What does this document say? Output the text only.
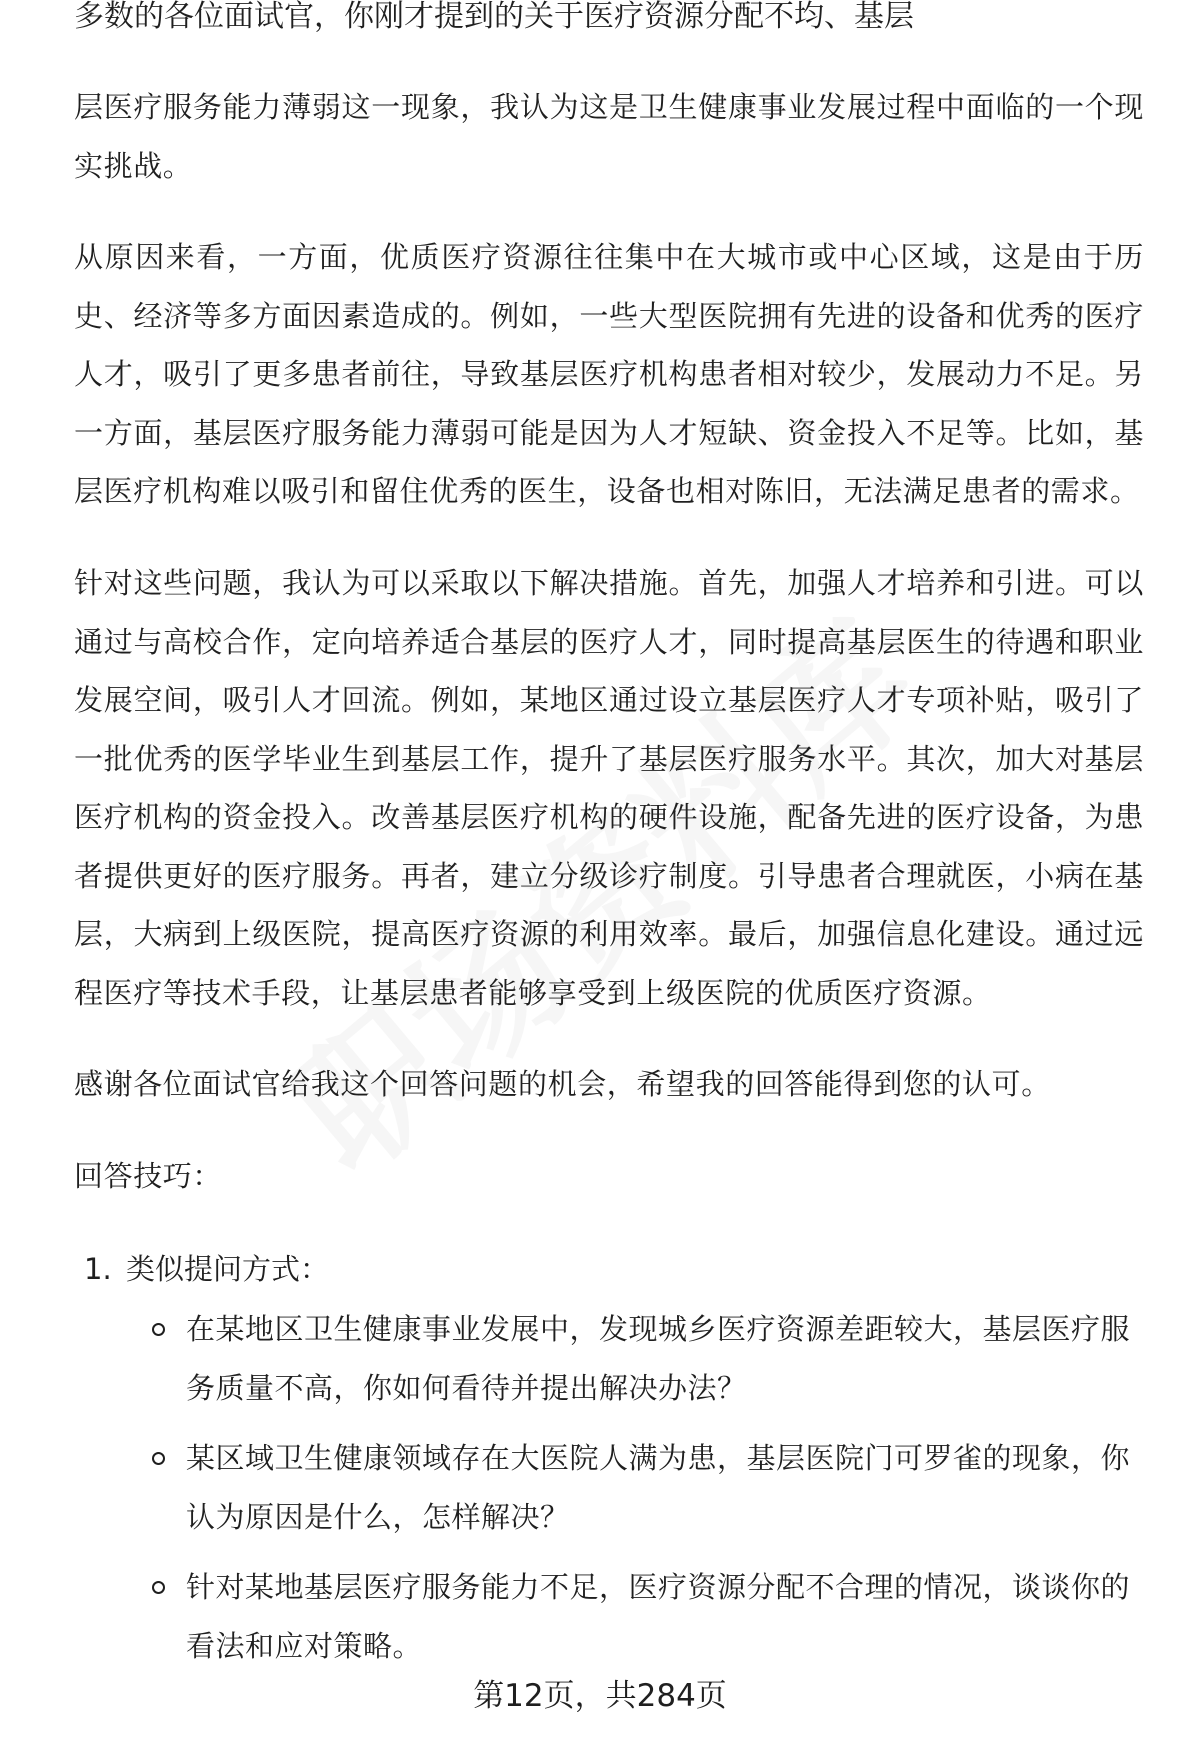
多数的各位面试官，你刚才提到的关于医疗资源分配不均、基层

层医疗服务能力薄弱这一现象，我认为这是卫生健康事业发展过程中面临的一个现实挑战。

从原因来看，一方面，优质医疗资源往往集中在大城市或中心区域，这是由于历史、经济等多方面因素造成的。例如，一些大型医院拥有先进的设备和优秀的医疗人才，吸引了更多患者前往，导致基层医疗机构患者相对较少，发展动力不足。另一方面，基层医疗服务能力薄弱可能是因为人才短缺、资金投入不足等。比如，基层医疗机构难以吸引和留住优秀的医生，设备也相对陈旧，无法满足患者的需求。

针对这些问题，我认为可以采取以下解决措施。首先，加强人才培养和引进。可以通过与高校合作，定向培养适合基层的医疗人才，同时提高基层医生的待遇和职业发展空间，吸引人才回流。例如，某地区通过设立基层医疗人才专项补贴，吸引了一批优秀的医学毕业生到基层工作，提升了基层医疗服务水平。其次，加大对基层医疗机构的资金投入。改善基层医疗机构的硬件设施，配备先进的医疗设备，为患者提供更好的医疗服务。再者，建立分级诊疗制度。引导患者合理就医，小病在基层，大病到上级医院，提高医疗资源的利用效率。最后，加强信息化建设。通过远程医疗等技术手段，让基层患者能够享受到上级医院的优质医疗资源。

感谢各位面试官给我这个回答问题的机会，希望我的回答能得到您的认可。

回答技巧：

1. 类似提问方式：
在某地区卫生健康事业发展中，发现城乡医疗资源差距较大，基层医疗服务质量不高，你如何看待并提出解决办法？
某区域卫生健康领域存在大医院人满为患，基层医院门可罗雀的现象，你认为原因是什么，怎样解决？
针对某地基层医疗服务能力不足，医疗资源分配不合理的情况，谈谈你的看法和应对策略。
第12页，共284页
